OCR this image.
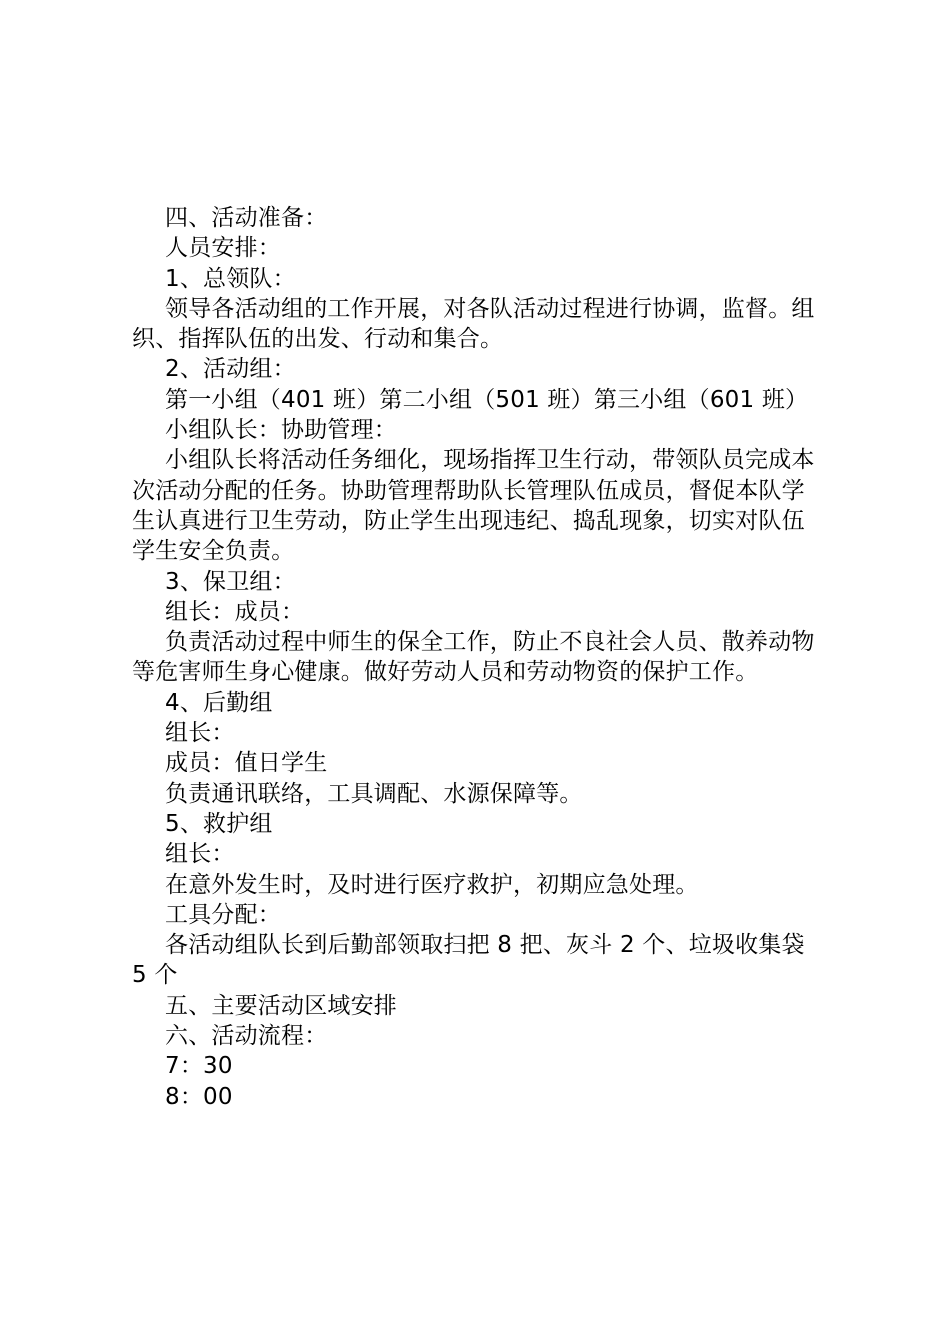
四、活动准备：

人员安排：

1、总领队：

领导各活动组的工作开展，对各队活动过程进行协调，监督。组织、指挥队伍的出发、行动和集合。

2、活动组：

第一小组（401 班）第二小组（501 班）第三小组（601 班）

小组队长：协助管理：

小组队长将活动任务细化，现场指挥卫生行动，带领队员完成本次活动分配的任务。协助管理帮助队长管理队伍成员，督促本队学生认真进行卫生劳动，防止学生出现违纪、捣乱现象，切实对队伍学生安全负责。

3、保卫组：

组长：成员：

负责活动过程中师生的保全工作，防止不良社会人员、散养动物等危害师生身心健康。做好劳动人员和劳动物资的保护工作。

4、后勤组

组长：

成员：值日学生

负责通讯联络，工具调配、水源保障等。

5、救护组

组长：

在意外发生时，及时进行医疗救护，初期应急处理。

工具分配：

各活动组队长到后勤部领取扫把 8 把、灰斗 2 个、垃圾收集袋 5 个

五、主要活动区域安排

六、活动流程：

7：30

8：00
